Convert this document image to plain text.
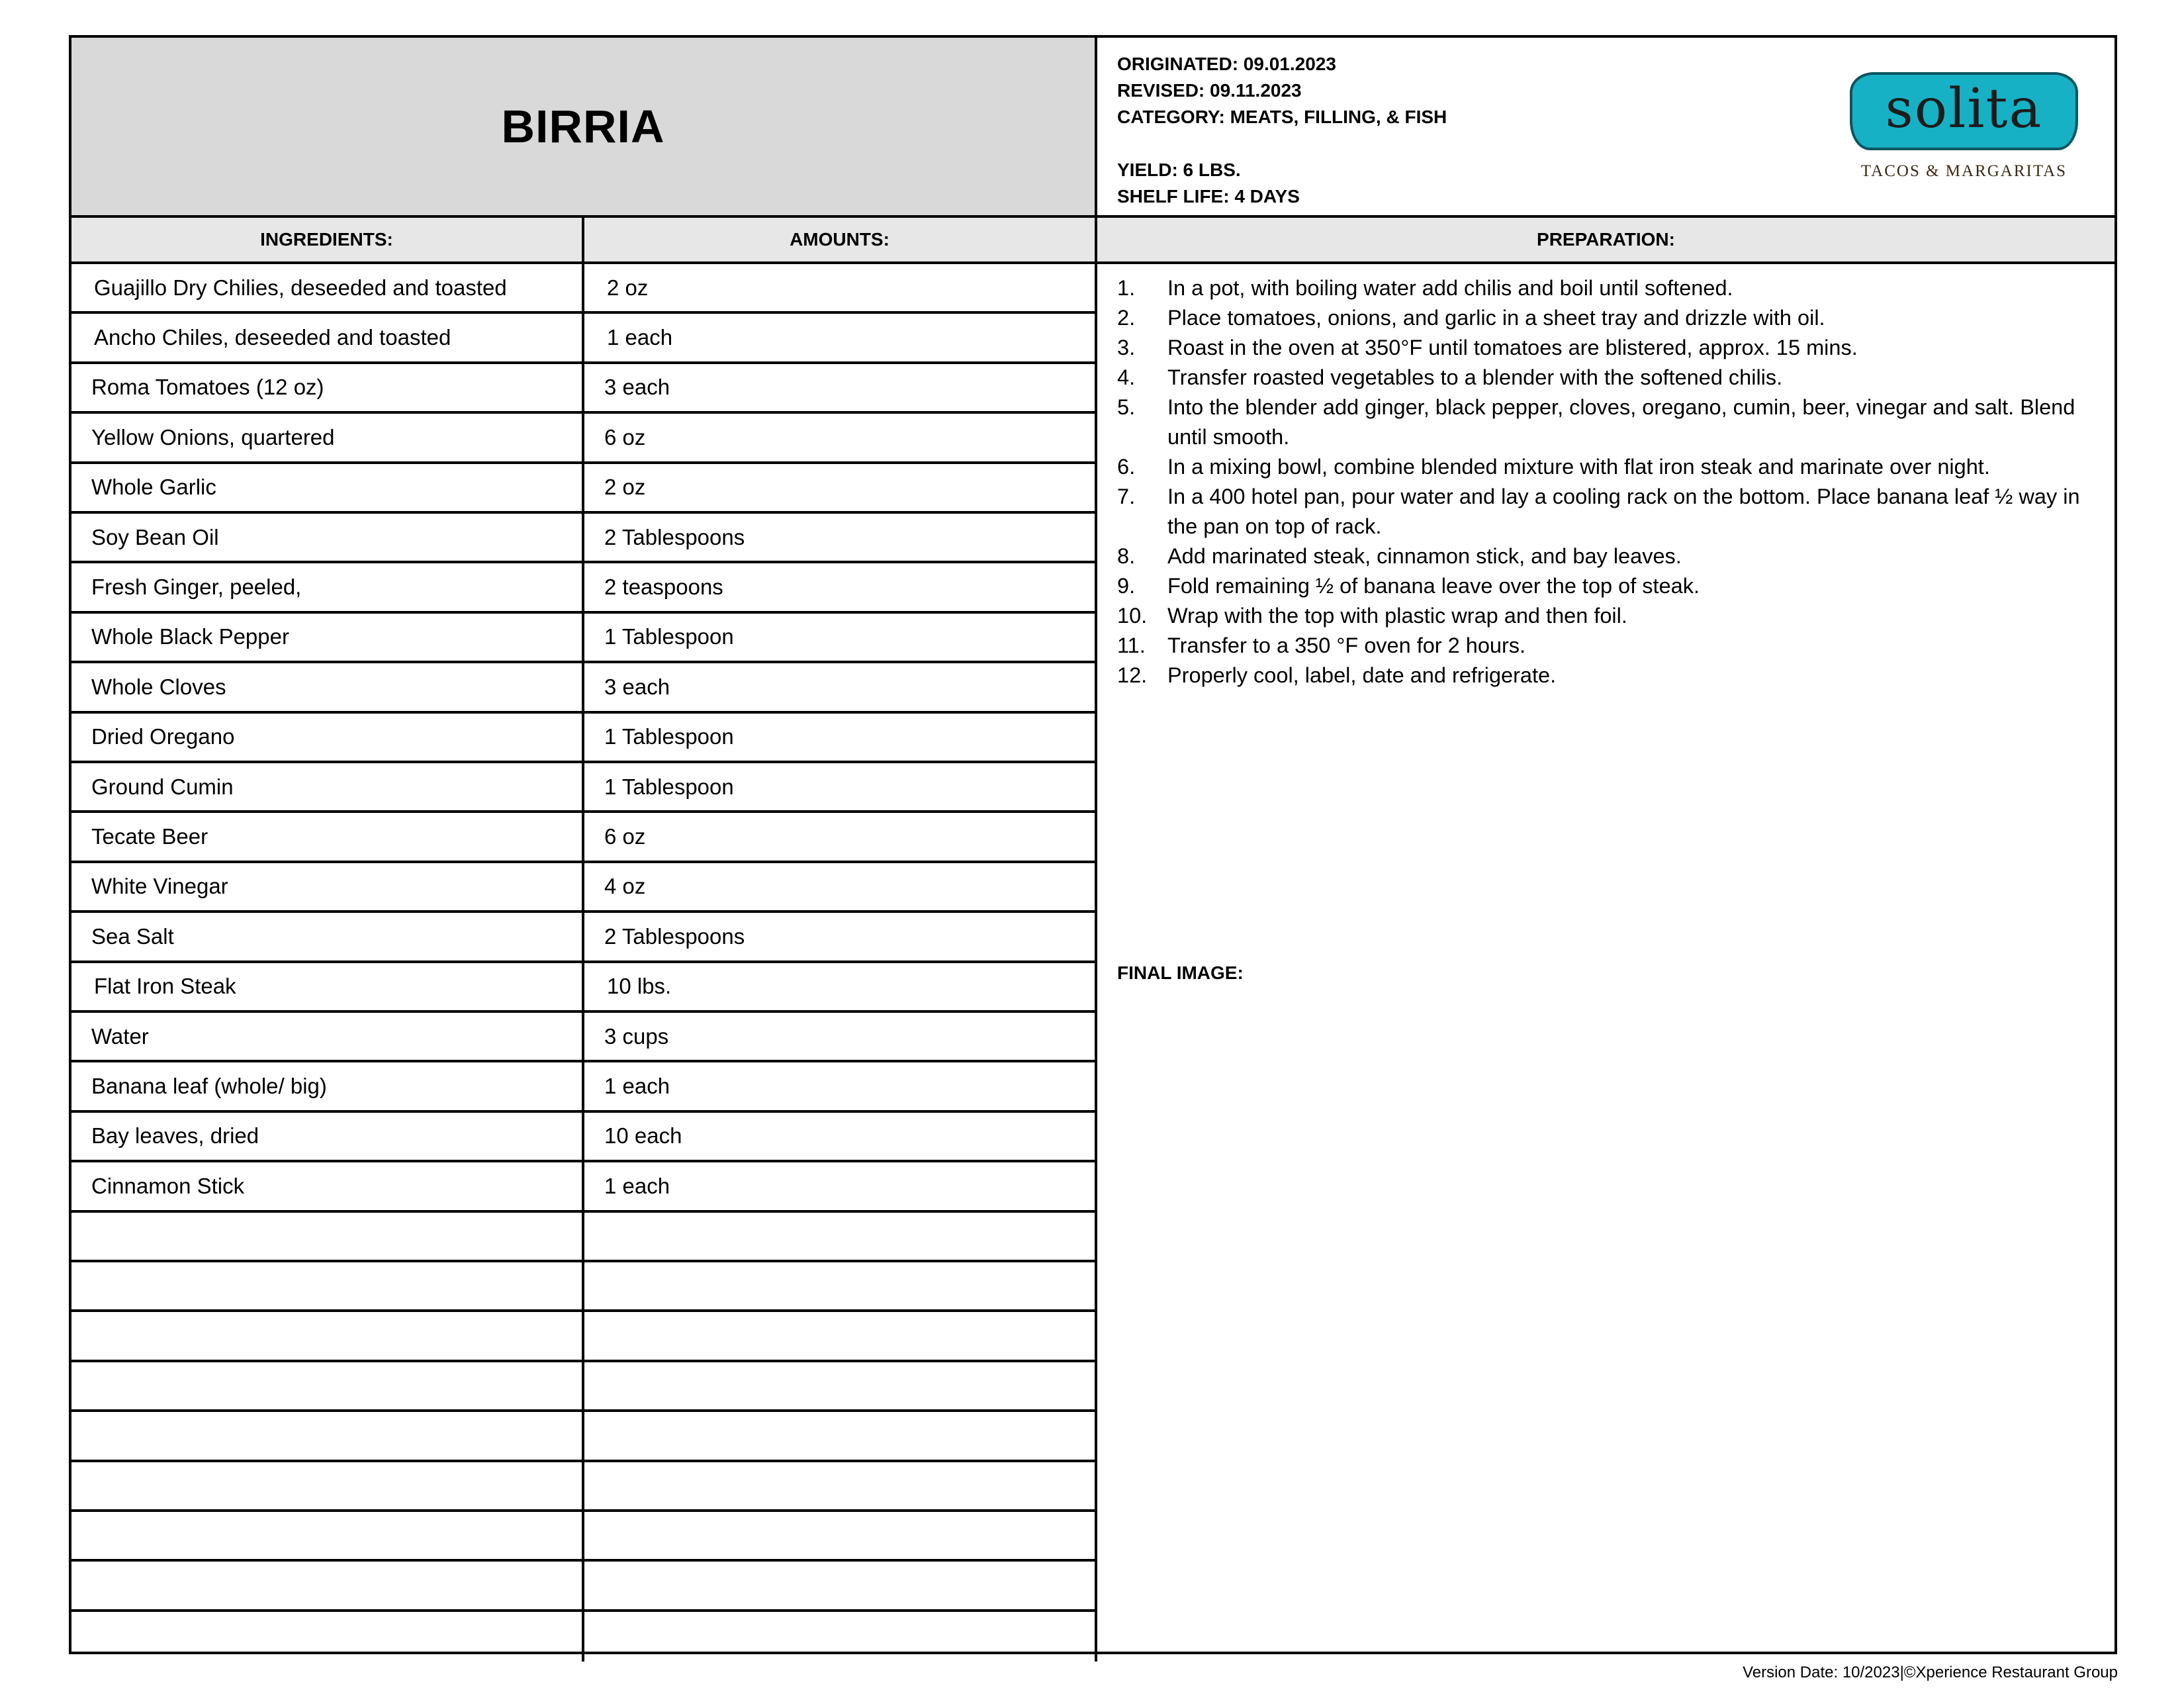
BIRRIA
ORIGINATED: 09.01.2023
REVISED: 09.11.2023
CATEGORY: MEATS, FILLING, & FISH
YIELD: 6 LBS.
SHELF LIFE: 4 DAYS
solita
TACOS & MARGARITAS
INGREDIENTS:	AMOUNTS:	PREPARATION:
Guajillo Dry Chilies, deseeded and toasted	2 oz
Ancho Chiles, deseeded and toasted	1 each
Roma Tomatoes (12 oz)	3 each
Yellow Onions, quartered	6 oz
Whole Garlic	2 oz
Soy Bean Oil	2 Tablespoons
Fresh Ginger, peeled,	2 teaspoons
Whole Black Pepper	1 Tablespoon
Whole Cloves	3 each
Dried Oregano	1 Tablespoon
Ground Cumin	1 Tablespoon
Tecate Beer	6 oz
White Vinegar	4 oz
Sea Salt	2 Tablespoons
Flat Iron Steak	10 lbs.
Water	3 cups
Banana leaf (whole/ big)	1 each
Bay leaves, dried	10 each
Cinnamon Stick	1 each
1. In a pot, with boiling water add chilis and boil until softened.
2. Place tomatoes, onions, and garlic in a sheet tray and drizzle with oil.
3. Roast in the oven at 350°F until tomatoes are blistered, approx. 15 mins.
4. Transfer roasted vegetables to a blender with the softened chilis.
5. Into the blender add ginger, black pepper, cloves, oregano, cumin, beer, vinegar and salt. Blend until smooth.
6. In a mixing bowl, combine blended mixture with flat iron steak and marinate over night.
7. In a 400 hotel pan, pour water and lay a cooling rack on the bottom. Place banana leaf ½ way in the pan on top of rack.
8. Add marinated steak, cinnamon stick, and bay leaves.
9. Fold remaining ½ of banana leave over the top of steak.
10. Wrap with the top with plastic wrap and then foil.
11. Transfer to a 350 °F oven for 2 hours.
12. Properly cool, label, date and refrigerate.
FINAL IMAGE:
Version Date: 10/2023|©Xperience Restaurant Group
